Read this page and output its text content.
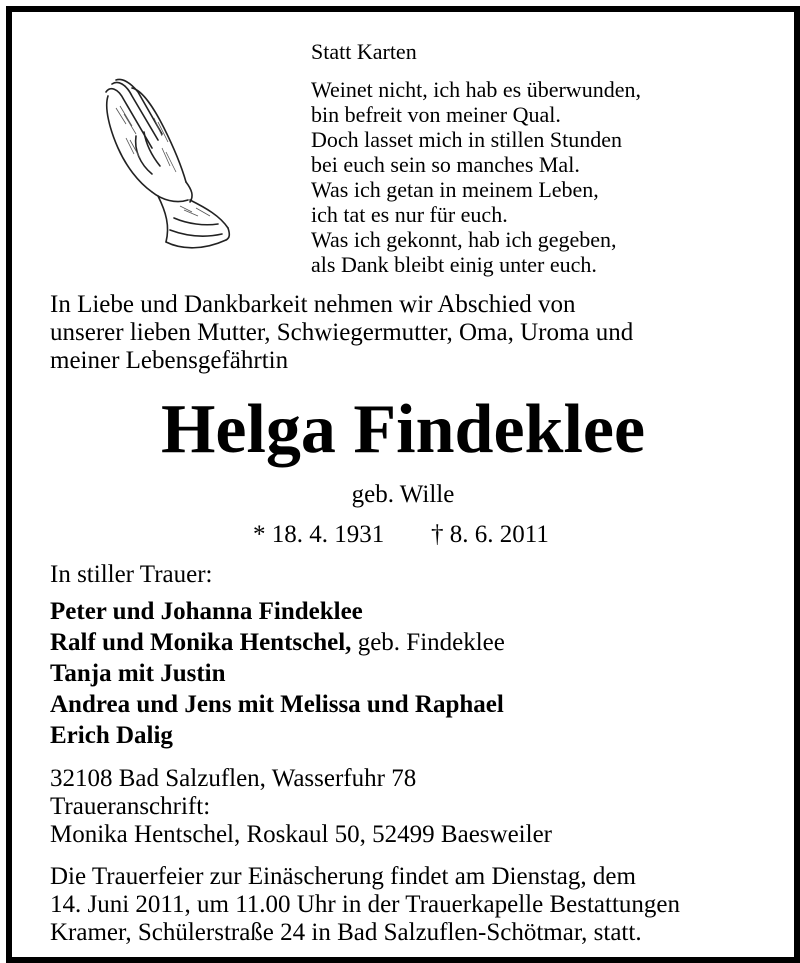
Statt Karten
Weinet nicht, ich hab es überwunden,
bin befreit von meiner Qual.
Doch lasset mich in stillen Stunden
bei euch sein so manches Mal.
Was ich getan in meinem Leben,
ich tat es nur für euch.
Was ich gekonnt, hab ich gegeben,
als Dank bleibt einig unter euch.
In Liebe und Dankbarkeit nehmen wir Abschied von
unserer lieben Mutter, Schwiegermutter, Oma, Uroma und
meiner Lebensgefährtin
Helga Findeklee
geb. Wille
* 18. 4. 1931 † 8. 6. 2011
In stiller Trauer:
Peter und Johanna Findeklee
Ralf und Monika Hentschel, geb. Findeklee
Tanja mit Justin
Andrea und Jens mit Melissa und Raphael
Erich Dalig
32108 Bad Salzuflen, Wasserfuhr 78
Traueranschrift:
Monika Hentschel, Roskaul 50, 52499 Baesweiler
Die Trauerfeier zur Einäscherung findet am Dienstag, dem
14. Juni 2011, um 11.00 Uhr in der Trauerkapelle Bestattungen
Kramer, Schülerstraße 24 in Bad Salzuflen-Schötmar, statt.
